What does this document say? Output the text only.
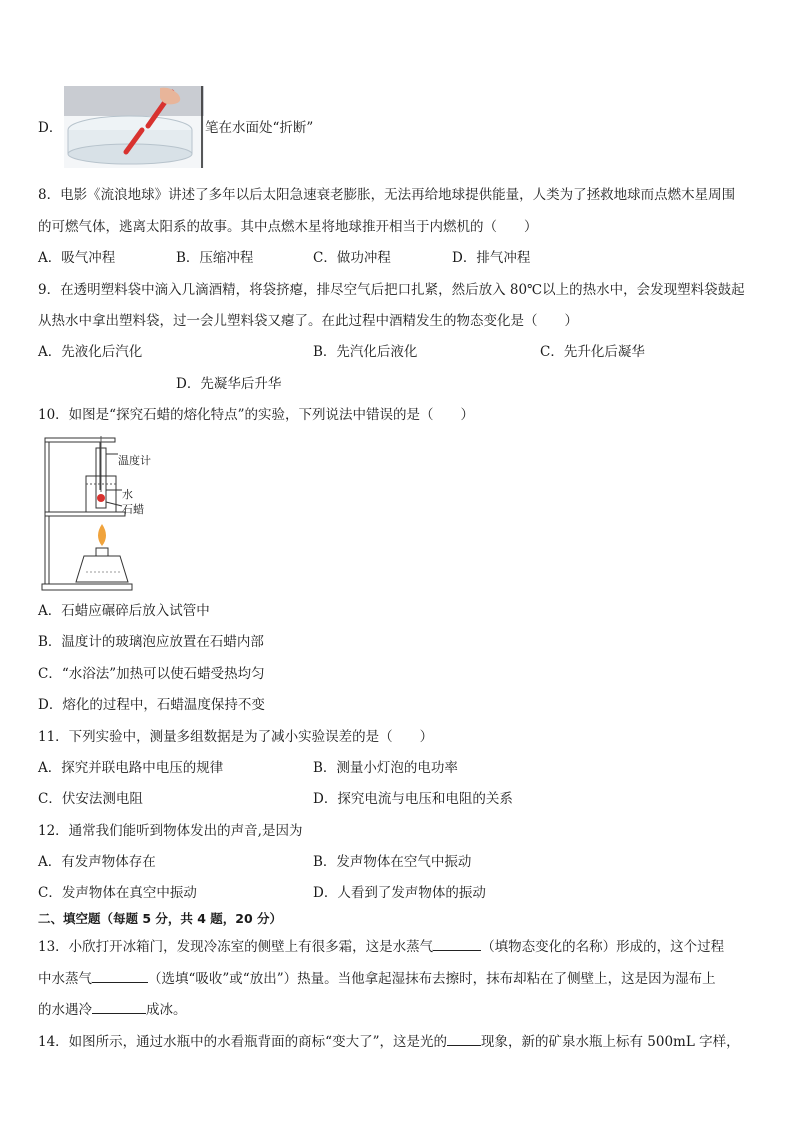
D．	笔在水面处“折断”
8．电影《流浪地球》讲述了多年以后太阳急速衰老膨胀，无法再给地球提供能量，人类为了拯救地球而点燃木星周围
的可燃气体，逃离太阳系的故事。其中点燃木星将地球推开相当于内燃机的（　　）
A．吸气冲程	B．压缩冲程	C．做功冲程	D．排气冲程
9．在透明塑料袋中滴入几滴酒精，将袋挤瘪，排尽空气后把口扎紧，然后放入 80℃以上的热水中，会发现塑料袋鼓起
从热水中拿出塑料袋，过一会儿塑料袋又瘪了。在此过程中酒精发生的物态变化是（　　）
A．先液化后汽化	B．先汽化后液化	C．先升化后凝华
D．先凝华后升华
10．如图是“探究石蜡的熔化特点”的实验，下列说法中错误的是（　　）
温度计
水
石蜡
A．石蜡应碾碎后放入试管中
B．温度计的玻璃泡应放置在石蜡内部
C．“水浴法”加热可以使石蜡受热均匀
D．熔化的过程中，石蜡温度保持不变
11．下列实验中，测量多组数据是为了减小实验误差的是（　　）
A．探究并联电路中电压的规律	B．测量小灯泡的电功率
C．伏安法测电阻	D．探究电流与电压和电阻的关系
12．通常我们能听到物体发出的声音,是因为
A．有发声物体存在	B．发声物体在空气中振动
C．发声物体在真空中振动	D．人看到了发声物体的振动
二、填空题（每题 5 分，共 4 题，20 分）
13．小欣打开冰箱门，发现冷冻室的侧壁上有很多霜，这是水蒸气	（填物态变化的名称）形成的，这个过程
中水蒸气	（选填“吸收”或“放出”）热量。当他拿起湿抹布去擦时，抹布却粘在了侧壁上，这是因为湿布上
的水遇冷	成冰。
14．如图所示，通过水瓶中的水看瓶背面的商标“变大了”，这是光的	现象，新的矿泉水瓶上标有 500mL 字样，
